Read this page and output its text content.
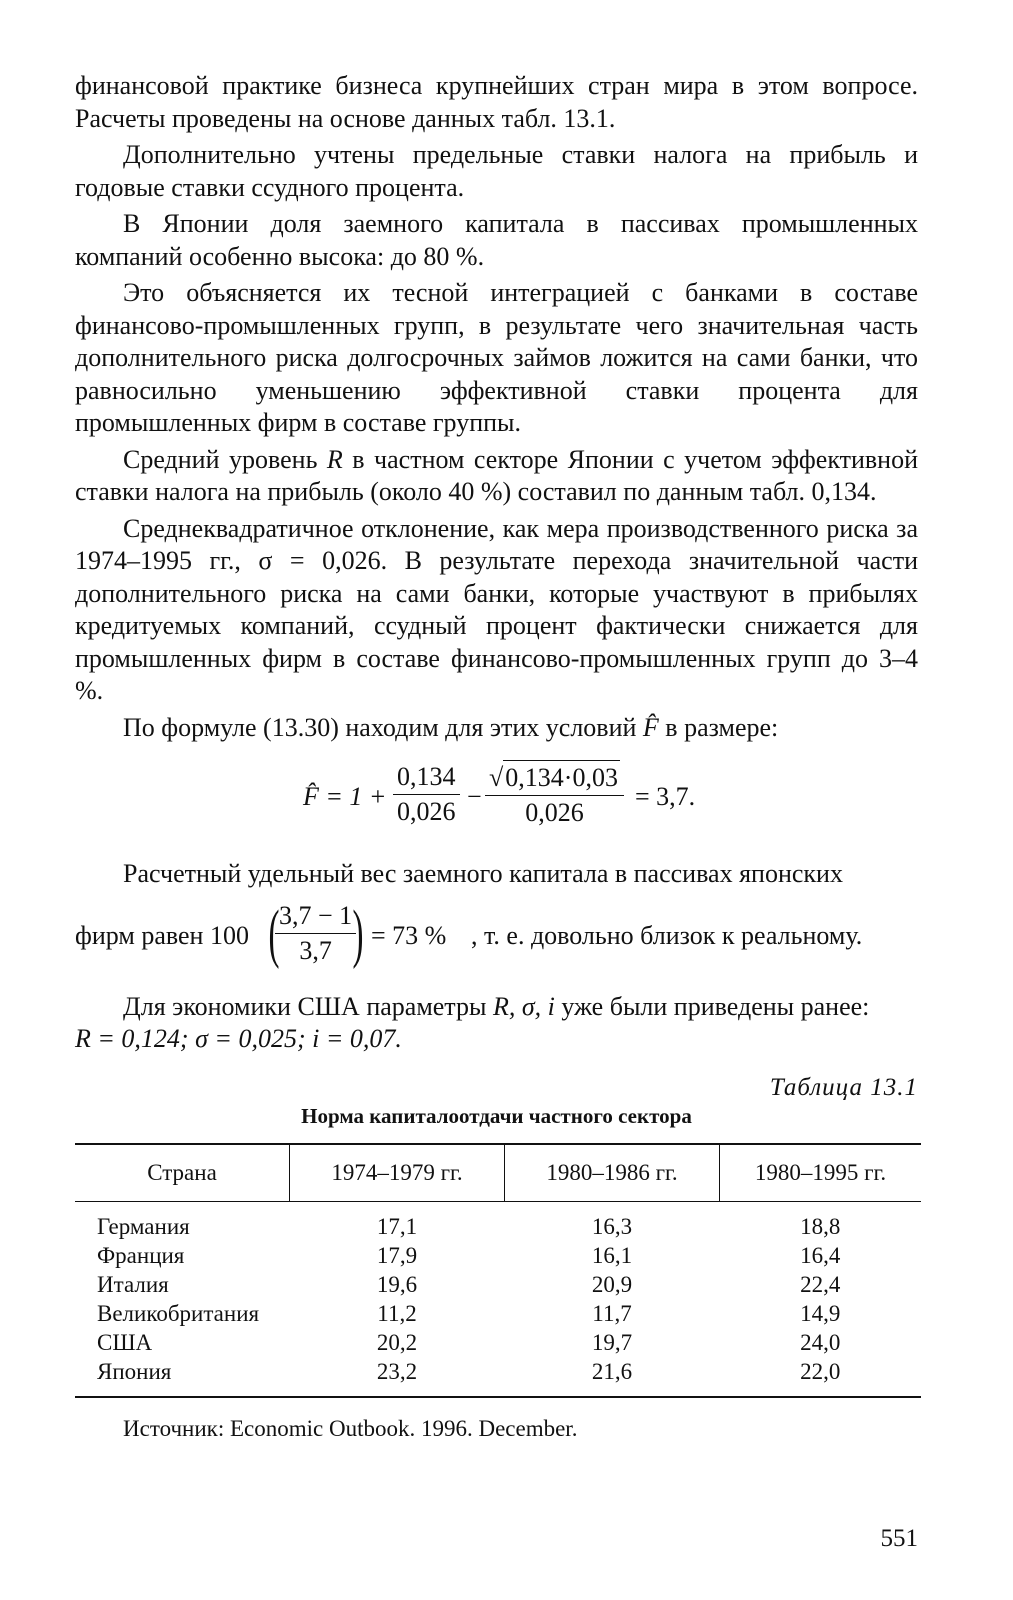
финансовой практике бизнеса крупнейших стран мира в этом вопросе. Расчеты проведены на основе данных табл. 13.1.

Дополнительно учтены предельные ставки налога на прибыль и годовые ставки ссудного процента.

В Японии доля заемного капитала в пассивах промышленных компаний особенно высока: до 80 %.

Это объясняется их тесной интеграцией с банками в составе финансово-промышленных групп, в результате чего значительная часть дополнительного риска долгосрочных займов ложится на сами банки, что равносильно уменьшению эффективной ставки процента для промышленных фирм в составе группы.

Средний уровень R в частном секторе Японии с учетом эффективной ставки налога на прибыль (около 40 %) составил по данным табл. 0,134.

Среднеквадратичное отклонение, как мера производственного риска за 1974–1995 гг., σ = 0,026. В результате перехода значительной части дополнительного риска на сами банки, которые участвуют в прибылях кредитуемых компаний, ссудный процент фактически снижается для промышленных фирм в составе финансово-промышленных групп до 3–4 %.

По формуле (13.30) находим для этих условий F̂ в размере:

F̂ = $1 + \frac{0,134}{0,026} - \frac{√0,134\cdot 0,03}{0,026} = 3,7$.

Расчетный удельный вес заемного капитала в пассивах японских

фирм равен 100 (
$\frac{3,7 - 1}{3,7}$
) = 73 % , т. е. довольно близок к реальному.

Для экономики США параметры R, σ, i уже были приведены ранее:

R = 0,124; σ = 0,025; i = 0,07.

Таблица 13.1
Норма капиталоотдачи частного сектора
Страна	1974–1979 гг.	1980–1986 гг.	1980–1995 гг.
Германия	17,1	16,3	18,8
Франция	17,9	16,1	16,4
Италия	19,6	20,9	22,4
Великобритания	11,2	11,7	14,9
США	20,2	19,7	24,0
Япония	23,2	21,6	22,0
Источник: Economic Outbook. 1996. December.
551
